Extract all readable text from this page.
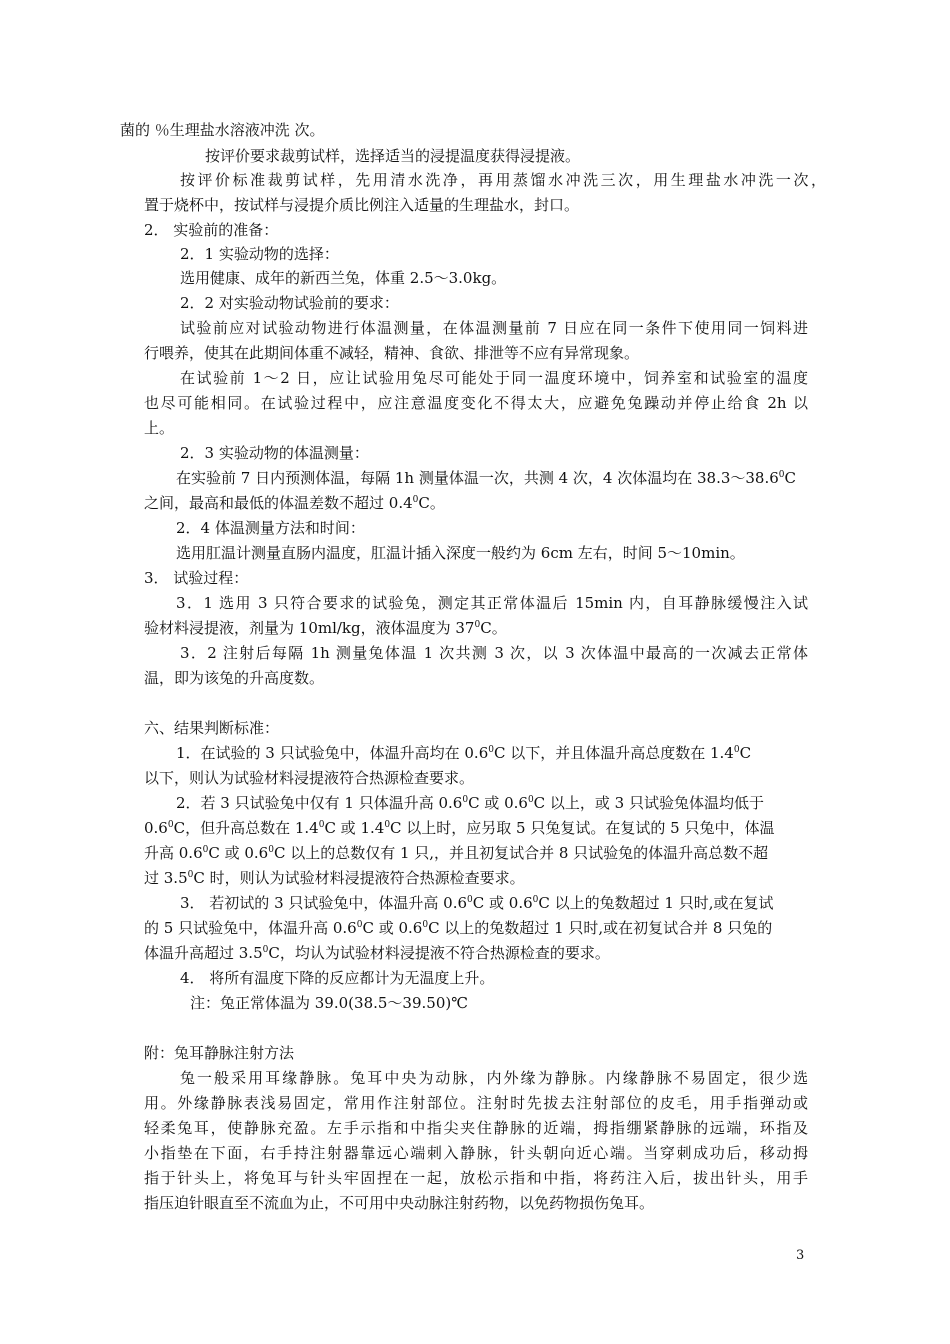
菌的 ％生理盐水溶液冲洗 次。
按评价要求裁剪试样，选择适当的浸提温度获得浸提液。
按评价标准裁剪试样，先用清水洗净，再用蒸馏水冲洗三次，用生理盐水冲洗一次，
置于烧杯中，按试样与浸提介质比例注入适量的生理盐水，封口。
2． 实验前的准备：
2．1 实验动物的选择：
选用健康、成年的新西兰兔，体重 2.5～3.0kg。
2．2 对实验动物试验前的要求：
试验前应对试验动物进行体温测量，在体温测量前 7 日应在同一条件下使用同一饲料进
行喂养，使其在此期间体重不减轻，精神、食欲、排泄等不应有异常现象。
在试验前 1～2 日，应让试验用兔尽可能处于同一温度环境中，饲养室和试验室的温度
也尽可能相同。在试验过程中，应注意温度变化不得太大，应避免兔躁动并停止给食 2h 以
上。
2．3 实验动物的体温测量：
在实验前 7 日内预测体温，每隔 1h 测量体温一次，共测 4 次，4 次体温均在 38.3～38.6$^0$C
之间，最高和最低的体温差数不超过 $0.4^0C$。
2．4 体温测量方法和时间：
选用肛温计测量直肠内温度，肛温计插入深度一般约为 6cm 左右，时间 5～10min。
3． 试验过程：
3．1 选用 3 只符合要求的试验兔，测定其正常体温后 15min 内，自耳静脉缓慢注入试
验材料浸提液，剂量为 10ml/kg，液体温度为 $37^0C$。
3．2 注射后每隔 1h 测量兔体温 1 次共测 3 次，以 3 次体温中最高的一次减去正常体
温，即为该兔的升高度数。
六、结果判断标准：
1．在试验的 3 只试验兔中，体温升高均在 $0.6^0C$ 以下，并且体温升高总度数在 $1.4^0C$
以下，则认为试验材料浸提液符合热源检查要求。
2．若 3 只试验兔中仅有 1 只体温升高 $0.6^0C$ 或 $0.6^0C$ 以上，或 3 只试验兔体温均低于
$0.6^0C$，但升高总数在 $1.4^0C$ 或 $1.4^0C$ 以上时，应另取 5 只兔复试。在复试的 5 只兔中，体温
升高 $0.6^0C$ 或 $0.6^0C$ 以上的总数仅有 1 只,，并且初复试合并 8 只试验兔的体温升高总数不超
过 $3.5^0C$ 时，则认为试验材料浸提液符合热源检查要求。
3． 若初试的 3 只试验兔中，体温升高 $0.6^0C$ 或 $0.6^0C$ 以上的兔数超过 1 只时,或在复试
的 5 只试验兔中，体温升高 $0.6^0C$ 或 $0.6^0C$ 以上的兔数超过 1 只时,或在初复试合并 8 只兔的
体温升高超过 $3.5^0C$，均认为试验材料浸提液不符合热源检查的要求。
4． 将所有温度下降的反应都计为无温度上升。
注：兔正常体温为 39.0(38.5～39.50)℃
附：兔耳静脉注射方法
兔一般采用耳缘静脉。兔耳中央为动脉，内外缘为静脉。内缘静脉不易固定，很少选
用。外缘静脉表浅易固定，常用作注射部位。注射时先拔去注射部位的皮毛，用手指弹动或
轻柔兔耳，使静脉充盈。左手示指和中指尖夹住静脉的近端，拇指绷紧静脉的远端，环指及
小指垫在下面，右手持注射器靠远心端刺入静脉，针头朝向近心端。当穿刺成功后，移动拇
指于针头上，将兔耳与针头牢固捏在一起，放松示指和中指，将药注入后，拔出针头，用手
指压迫针眼直至不流血为止，不可用中央动脉注射药物，以免药物损伤兔耳。
3
